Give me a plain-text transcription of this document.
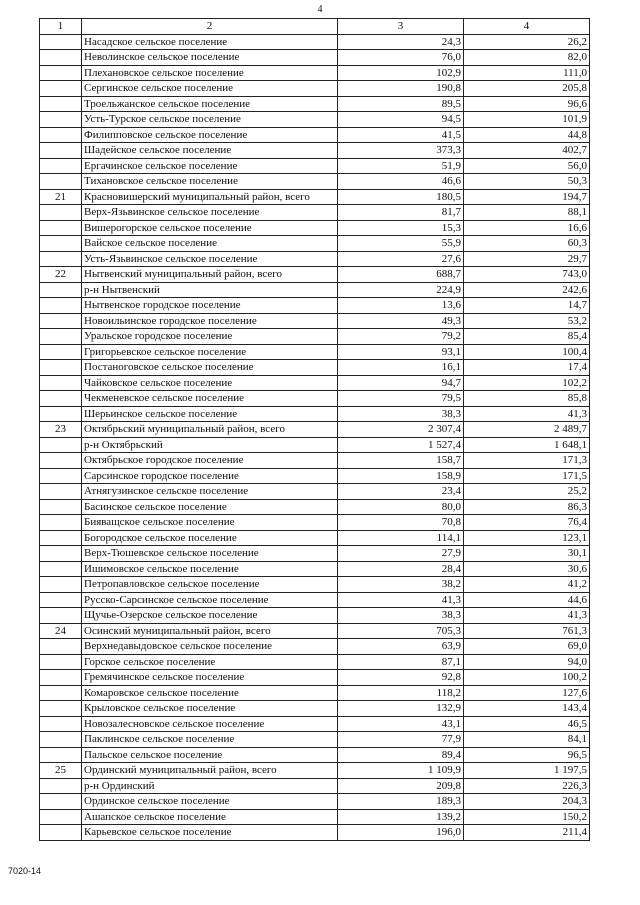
4
1	2	3	4
	Насадское сельское поселение	24,3	26,2
	Неволинское сельское поселение	76,0	82,0
	Плехановское сельское поселение	102,9	111,0
	Сергинское сельское поселение	190,8	205,8
	Троельжанское сельское поселение	89,5	96,6
	Усть-Турское сельское поселение	94,5	101,9
	Филипповское сельское поселение	41,5	44,8
	Шадейское сельское поселение	373,3	402,7
	Ергачинское сельское поселение	51,9	56,0
	Тихановское сельское поселение	46,6	50,3
21	Красновишерский муниципальный район, всего	180,5	194,7
	Верх-Язьвинское сельское поселение	81,7	88,1
	Вишерогорское сельское поселение	15,3	16,6
	Вайское сельское поселение	55,9	60,3
	Усть-Язьвинское сельское поселение	27,6	29,7
22	Нытвенский муниципальный район, всего	688,7	743,0
	р-н Нытвенский	224,9	242,6
	Нытвенское городское поселение	13,6	14,7
	Новоильинское городское поселение	49,3	53,2
	Уральское городское поселение	79,2	85,4
	Григорьевское сельское поселение	93,1	100,4
	Постаноговское сельское поселение	16,1	17,4
	Чайковское сельское поселение	94,7	102,2
	Чекменевское сельское поселение	79,5	85,8
	Шерьинское сельское поселение	38,3	41,3
23	Октябрьский муниципальный район, всего	2 307,4	2 489,7
	р-н Октябрьский	1 527,4	1 648,1
	Октябрьское городское поселение	158,7	171,3
	Сарсинское городское поселение	158,9	171,5
	Атнягузинское сельское поселение	23,4	25,2
	Басинское сельское поселение	80,0	86,3
	Бияващское сельское поселение	70,8	76,4
	Богородское сельское поселение	114,1	123,1
	Верх-Тюшевское сельское поселение	27,9	30,1
	Ишимовское сельское поселение	28,4	30,6
	Петропавловское сельское поселение	38,2	41,2
	Русско-Сарсинское сельское поселение	41,3	44,6
	Щучье-Озерское сельское поселение	38,3	41,3
24	Осинский муниципальный район, всего	705,3	761,3
	Верхнедавыдовское сельское поселение	63,9	69,0
	Горское сельское поселение	87,1	94,0
	Гремячинское сельское поселение	92,8	100,2
	Комаровское сельское поселение	118,2	127,6
	Крыловское сельское поселение	132,9	143,4
	Новозалесновское сельское поселение	43,1	46,5
	Паклинское сельское поселение	77,9	84,1
	Пальское сельское поселение	89,4	96,5
25	Ординский муниципальный район, всего	1 109,9	1 197,5
	р-н Ординский	209,8	226,3
	Ординское сельское поселение	189,3	204,3
	Ашапское сельское поселение	139,2	150,2
	Карьевское сельское поселение	196,0	211,4
7020-14
